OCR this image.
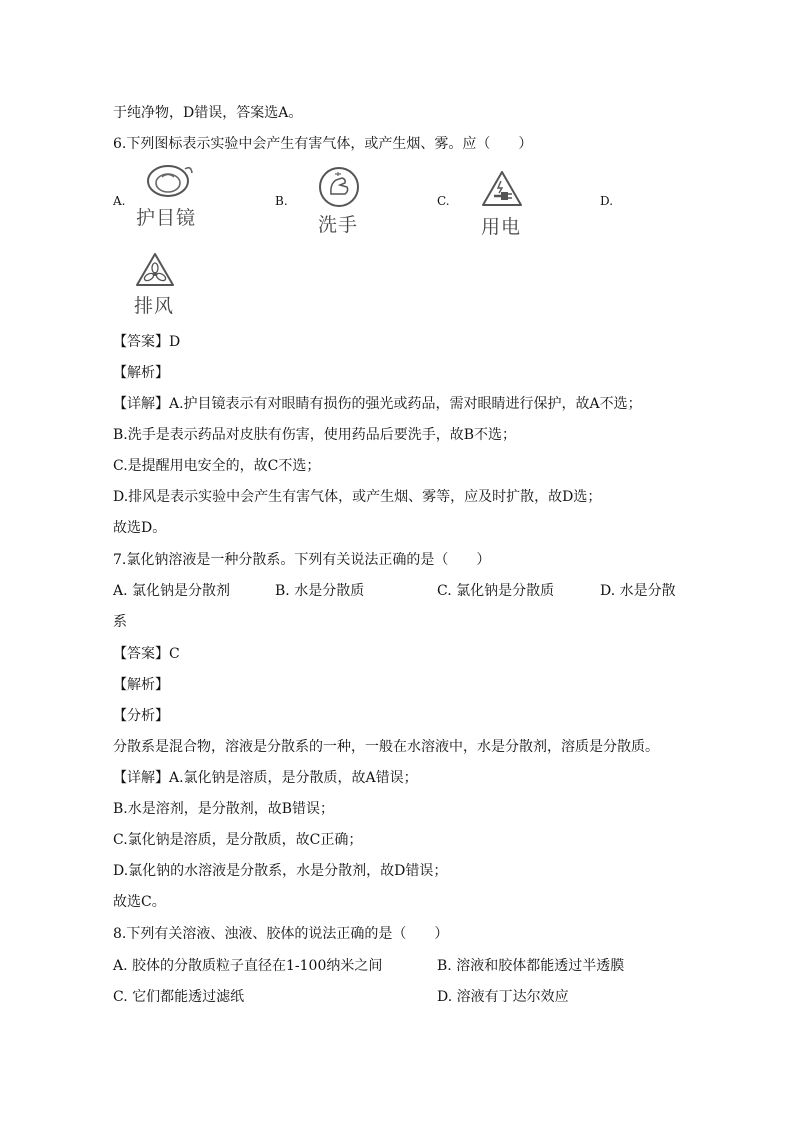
于纯净物，D错误，答案选A。
6.下列图标表示实验中会产生有害气体，或产生烟、雾。应（　　）
A.	B.	C.	D.
护目镜	洗手	用电
排风
【答案】D
【解析】
【详解】A.护目镜表示有对眼睛有损伤的强光或药品，需对眼睛进行保护，故A不选；
B.洗手是表示药品对皮肤有伤害，使用药品后要洗手，故B不选；
C.是提醒用电安全的，故C不选；
D.排风是表示实验中会产生有害气体，或产生烟、雾等，应及时扩散，故D选；
故选D。
7.氯化钠溶液是一种分散系。下列有关说法正确的是（　　）
A. 氯化钠是分散剂	B. 水是分散质	C. 氯化钠是分散质	D. 水是分散
系
【答案】C
【解析】
【分析】
分散系是混合物，溶液是分散系的一种，一般在水溶液中，水是分散剂，溶质是分散质。
【详解】A.氯化钠是溶质，是分散质，故A错误；
B.水是溶剂，是分散剂，故B错误；
C.氯化钠是溶质，是分散质，故C正确；
D.氯化钠的水溶液是分散系，水是分散剂，故D错误；
故选C。
8.下列有关溶液、浊液、胶体的说法正确的是（　　）
A. 胶体的分散质粒子直径在1-100纳米之间	B. 溶液和胶体都能透过半透膜
C. 它们都能透过滤纸	D. 溶液有丁达尔效应
